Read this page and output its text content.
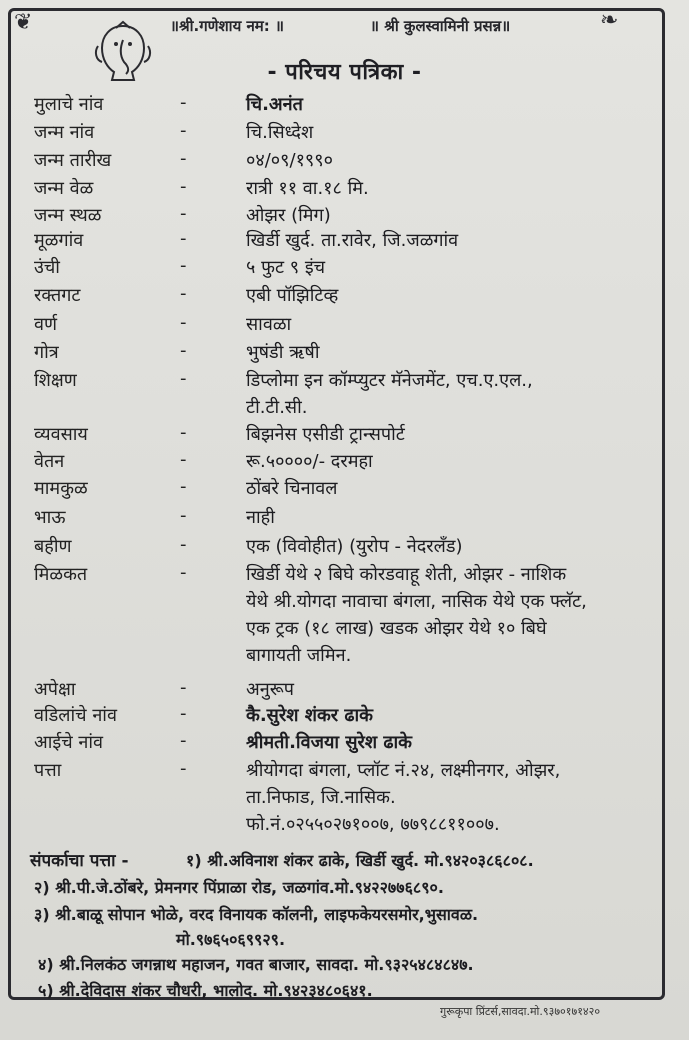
❦	❧
॥श्री.गणेशाय नम: ॥	॥ श्री कुलस्वामिनी प्रसन्न॥
- परिचय पत्रिका -
मुलाचे नांव	-	चि.अनंत
जन्म नांव	-	चि.सिध्देश
जन्म तारीख	-	०४/०९/१९९०
जन्म वेळ	-	रात्री ११ वा.१८ मि.
जन्म स्थळ	-	ओझर (मिग)
मूळगांव	-	खिर्डी खुर्द. ता.रावेर, जि.जळगांव
उंची	-	५ फुट ९ इंच
रक्तगट	-	एबी पॉझिटिव्ह
वर्ण	-	सावळा
गोत्र	-	भुषंडी ऋषी
शिक्षण	-	डिप्लोमा इन कॉम्प्युटर मॅनेजमेंट, एच.ए.एल.,
टी.टी.सी.
व्यवसाय	-	बिझनेस एसीडी ट्रान्सपोर्ट
वेतन	-	रू.५००००/- दरमहा
मामकुळ	-	ठोंबरे चिनावल
भाऊ	-	नाही
बहीण	-	एक (विवोहीत) (युरोप - नेदरलँड)
मिळकत	-	खिर्डी येथे २ बिघे कोरडवाहू शेती, ओझर - नाशिक
येथे श्री.योगदा नावाचा बंगला, नासिक येथे एक फ्लॅट,
एक ट्रक (१८ लाख) खडक ओझर येथे १० बिघे
बागायती जमिन.
अपेक्षा	-	अनुरूप
वडिलांचे नांव	-	कै.सुरेश शंकर ढाके
आईचे नांव	-	श्रीमती.विजया सुरेश ढाके
पत्ता	-	श्रीयोगदा बंगला, प्लॉट नं.२४, लक्ष्मीनगर, ओझर,
ता.निफाड, जि.नासिक.
फो.नं.०२५५०२७१००७, ७७९८८११००७.
संपर्काचा पत्ता -	१) श्री.अविनाश शंकर ढाके, खिर्डी खुर्द. मो.९४२०३८६८०८.
२) श्री.पी.जे.ठोंबरे, प्रेमनगर पिंप्राळा रोड, जळगांव.मो.९४२२७७६८९०.
३) श्री.बाळू सोपान भोळे, वरद विनायक कॉलनी, लाइफकेयरसमोर,भुसावळ.
मो.९७६५०६९९२९.
४) श्री.निलकंठ जगन्नाथ महाजन, गवत बाजार, सावदा. मो.९३२५४८४८४७.
५) श्री.देविदास शंकर चौधरी, भालोद. मो.९४२३४८०६४१.
गुरूकृपा प्रिंटर्स,सावदा.मो.९३७०१७१४२०
